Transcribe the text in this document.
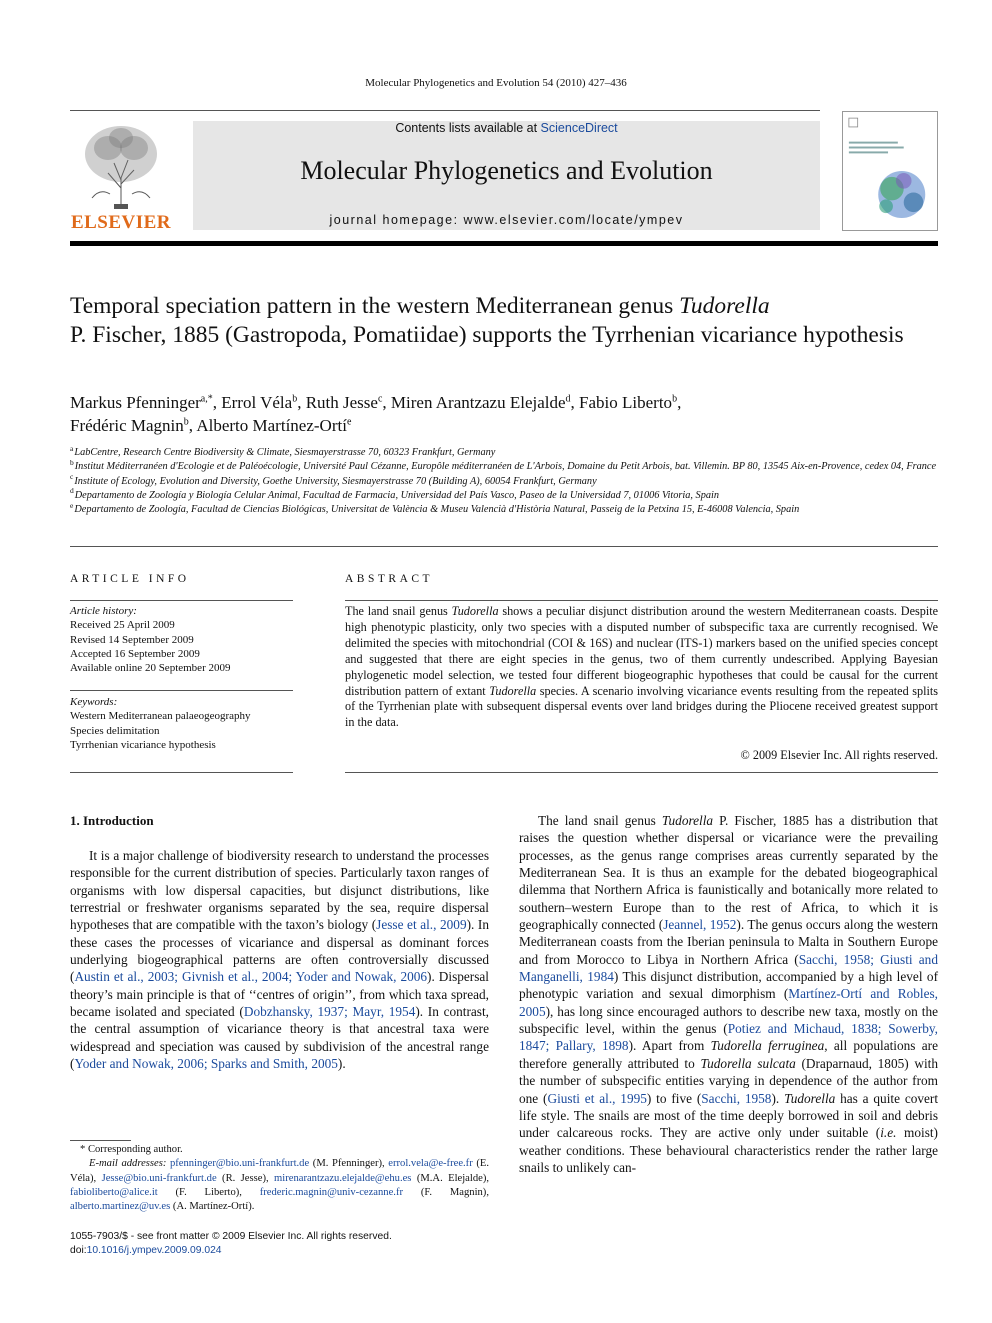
Molecular Phylogenetics and Evolution 54 (2010) 427–436
ELSEVIER
Contents lists available at ScienceDirect
Molecular Phylogenetics and Evolution
journal homepage: www.elsevier.com/locate/ympev
Temporal speciation pattern in the western Mediterranean genus Tudorella
P. Fischer, 1885 (Gastropoda, Pomatiidae) supports the Tyrrhenian vicariance hypothesis
Markus Pfenninger$^{a,*}$, Errol Véla$^b$, Ruth Jesse$^c$, Miren Arantzazu Elejalde$^d$, Fabio Liberto$^b$,
Frédéric Magnin$^b$, Alberto Martínez-Ortí$^e$
$^a$LabCentre, Research Centre Biodiversity & Climate, Siesmayerstrasse 70, 60323 Frankfurt, Germany
$^b$Institut Méditerranéen d'Ecologie et de Paléoécologie, Université Paul Cézanne, Europôle méditerranéen de L'Arbois, Domaine du Petit Arbois, bat. Villemin. BP 80, 13545 Aix-en-Provence, cedex 04, France
$^c$Institute of Ecology, Evolution and Diversity, Goethe University, Siesmayerstrasse 70 (Building A), 60054 Frankfurt, Germany
$^d$Departamento de Zoología y Biología Celular Animal, Facultad de Farmacia, Universidad del País Vasco, Paseo de la Universidad 7, 01006 Vitoria, Spain
$^e$Departamento de Zoología, Facultad de Ciencias Biológicas, Universitat de València & Museu Valencià d'Història Natural, Passeig de la Petxina 15, E-46008 Valencia, Spain
ARTICLE INFO
Article history:
Received 25 April 2009
Revised 14 September 2009
Accepted 16 September 2009
Available online 20 September 2009
Keywords:
Western Mediterranean palaeogeography
Species delimitation
Tyrrhenian vicariance hypothesis
ABSTRACT
The land snail genus Tudorella shows a peculiar disjunct distribution around the western Mediterranean coasts. Despite high phenotypic plasticity, only two species with a disputed number of subspecific taxa are currently recognised. We delimited the species with mitochondrial (COI & 16S) and nuclear (ITS-1) markers based on the unified species concept and suggested that there are eight species in the genus, two of them currently undescribed. Applying Bayesian phylogenetic model selection, we tested four different biogeographic hypotheses that could be causal for the current distribution pattern of extant Tudorella species. A scenario involving vicariance events resulting from the repeated splits of the Tyrrhenian plate with subsequent dispersal events over land bridges during the Pliocene received greatest support in the data.
© 2009 Elsevier Inc. All rights reserved.
1. Introduction

It is a major challenge of biodiversity research to understand the processes responsible for the current distribution of species. Particularly taxon ranges of organisms with low dispersal capacities, but disjunct distributions, like terrestrial or freshwater organisms separated by the sea, require dispersal hypotheses that are compatible with the taxon’s biology (Jesse et al., 2009). In these cases the processes of vicariance and dispersal as dominant forces underlying biogeographical patterns are often controversially discussed (Austin et al., 2003; Givnish et al., 2004; Yoder and Nowak, 2006). Dispersal theory’s main principle is that of ‘‘centres of origin’’, from which taxa spread, became isolated and speciated (Dobzhansky, 1937; Mayr, 1954). In contrast, the central assumption of vicariance theory is that ancestral taxa were widespread and speciation was caused by subdivision of the ancestral range (Yoder and Nowak, 2006; Sparks and Smith, 2005).

The land snail genus Tudorella P. Fischer, 1885 has a distribution that raises the question whether dispersal or vicariance were the prevailing processes, as the genus range comprises areas currently separated by the Mediterranean Sea. It is thus an example for the debated biogeographical dilemma that Northern Africa is faunistically and botanically more related to southern–western Europe than to the rest of Africa, to which it is geographically connected (Jeannel, 1952). The genus occurs along the western Mediterranean coasts from the Iberian peninsula to Malta in Southern Europe and from Morocco to Libya in Northern Africa (Sacchi, 1958; Giusti and Manganelli, 1984) This disjunct distribution, accompanied by a high level of phenotypic variation and sexual dimorphism (Martínez-Ortí and Robles, 2005), has long since encouraged authors to describe new taxa, mostly on the subspecific level, within the genus (Potiez and Michaud, 1838; Sowerby, 1847; Pallary, 1898). Apart from Tudorella ferruginea, all populations are therefore generally attributed to Tudorella sulcata (Draparnaud, 1805) with the number of subspecific entities varying in dependence of the author from one (Giusti et al., 1995) to five (Sacchi, 1958). Tudorella has a quite covert life style. The snails are most of the time deeply borrowed in soil and debris under calcareous rocks. They are active only under suitable (i.e. moist) weather conditions. These behavioural characteristics render the rather large snails to unlikely can-

* Corresponding author.
E-mail addresses: pfenninger@bio.uni-frankfurt.de (M. Pfenninger), errol.vela@e-free.fr (E. Véla), Jesse@bio.uni-frankfurt.de (R. Jesse), mirenarantzazu.elejalde@ehu.es (M.A. Elejalde), fabioliberto@alice.it (F. Liberto), frederic.magnin@univ-cezanne.fr (F. Magnin), alberto.martinez@uv.es (A. Martínez-Ortí).
1055-7903/$ - see front matter © 2009 Elsevier Inc. All rights reserved.
doi:10.1016/j.ympev.2009.09.024
